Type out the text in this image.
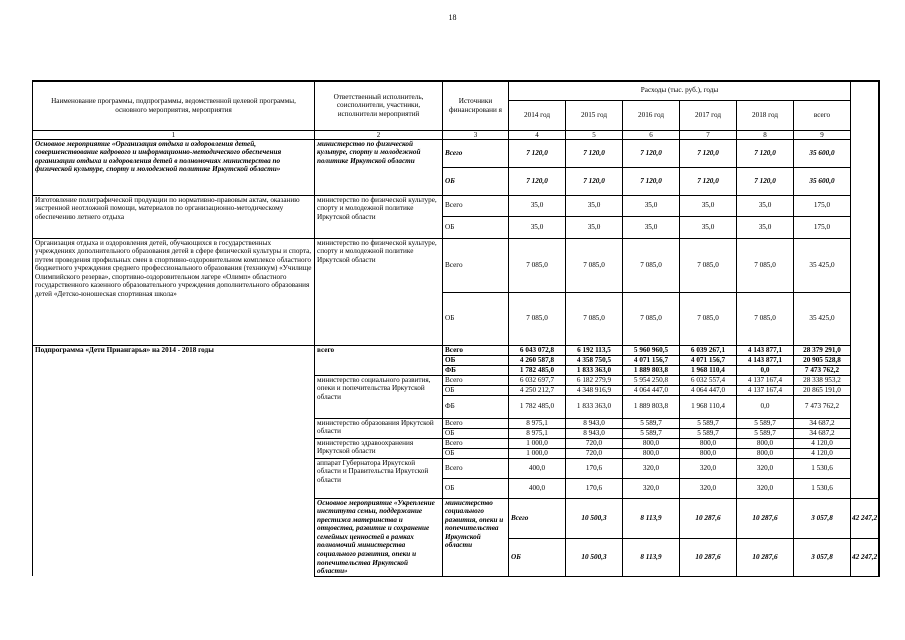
18
Наименование программы, подпрограммы, ведомственной целевой программы, основного мероприятия, мероприятия	Ответственный исполнитель, соисполнители, участники, исполнители мероприятий	Источники финансировани я	Расходы (тыс. руб.), годы						
			2014 год	2015 год	2016 год	2017 год	2018 год	всего	
1	2	3	4	5	6	7	8	9	
Основное мероприятие «Организация отдыха и оздоровления детей, совершенствование кадрового и информационно-методического обеспечения организации отдыха и оздоровления детей в полномочиях министерства по физической культуре, спорту и молодежной политике Иркутской области»	министерство по физической культуре, спорту и молодежной политике Иркутской области	Всего	7 120,0	7 120,0	7 120,0	7 120,0	7 120,0	35 600,0	
		ОБ	7 120,0	7 120,0	7 120,0	7 120,0	7 120,0	35 600,0	
Изготовление полиграфической продукции по нормативно-правовым актам, оказанию экстренной неотложной помощи, материалов по организационно-методическому обеспечению летнего отдыха	министерство по физической культуре, спорту и молодежной политике Иркутской области	Всего	35,0	35,0	35,0	35,0	35,0	175,0	
		ОБ	35,0	35,0	35,0	35,0	35,0	175,0	
Организация отдыха и оздоровления детей, обучающихся в государственных учреждениях дополнительного образования детей в сфере физической культуры и спорта, путем проведения профильных смен в спортивно-оздоровительном комплексе областного бюджетного учреждения среднего профессионального образования (техникум) «Училище Олимпийского резерва», спортивно-оздоровительном лагере «Олимп» областного государственного казенного образовательного учреждения дополнительного образования детей «Детско-юношеская спортивная школа»	министерство по физической культуре, спорту и молодежной политике Иркутской области	Всего	7 085,0	7 085,0	7 085,0	7 085,0	7 085,0	35 425,0	
		ОБ	7 085,0	7 085,0	7 085,0	7 085,0	7 085,0	35 425,0	
Подпрограмма «Дети Приангарья» на 2014 - 2018 годы	всего	Всего	6 043 072,8	6 192 113,5	5 960 960,5	6 039 267,1	4 143 877,1	28 379 291,0	
		ОБ	4 260 587,8	4 358 750,5	4 071 156,7	4 071 156,7	4 143 877,1	20 905 528,8	
		ФБ	1 782 485,0	1 833 363,0	1 889 803,8	1 968 110,4	0,0	7 473 762,2	
	министерство социального развития, опеки и попечительства Иркутской области	Всего	6 032 697,7	6 182 279,9	5 954 250,8	6 032 557,4	4 137 167,4	28 338 953,2	
		ОБ	4 250 212,7	4 348 916,9	4 064 447,0	4 064 447,0	4 137 167,4	20 865 191,0	
		ФБ	1 782 485,0	1 833 363,0	1 889 803,8	1 968 110,4	0,0	7 473 762,2	
	министерство образования Иркутской области	Всего	8 975,1	8 943,0	5 589,7	5 589,7	5 589,7	34 687,2	
		ОБ	8 975,1	8 943,0	5 589,7	5 589,7	5 589,7	34 687,2	
	министерство здравоохранения Иркутской области	Всего	1 000,0	720,0	800,0	800,0	800,0	4 120,0	
		ОБ	1 000,0	720,0	800,0	800,0	800,0	4 120,0	
	аппарат Губернатора Иркутской области и Правительства Иркутской области	Всего	400,0	170,6	320,0	320,0	320,0	1 530,6	
		ОБ	400,0	170,6	320,0	320,0	320,0	1 530,6	
	Основное мероприятие «Укрепление института семьи, поддержание престижа материнства и отцовства, развитие и сохранение семейных ценностей в рамках полномочий министерства социального развития, опеки и попечительства Иркутской области»	министерство социального развития, опеки и попечительства Иркутской области	Всего	10 500,3	8 113,9	10 287,6	10 287,6	3 057,8	42 247,2
			ОБ	10 500,3	8 113,9	10 287,6	10 287,6	3 057,8	42 247,2
